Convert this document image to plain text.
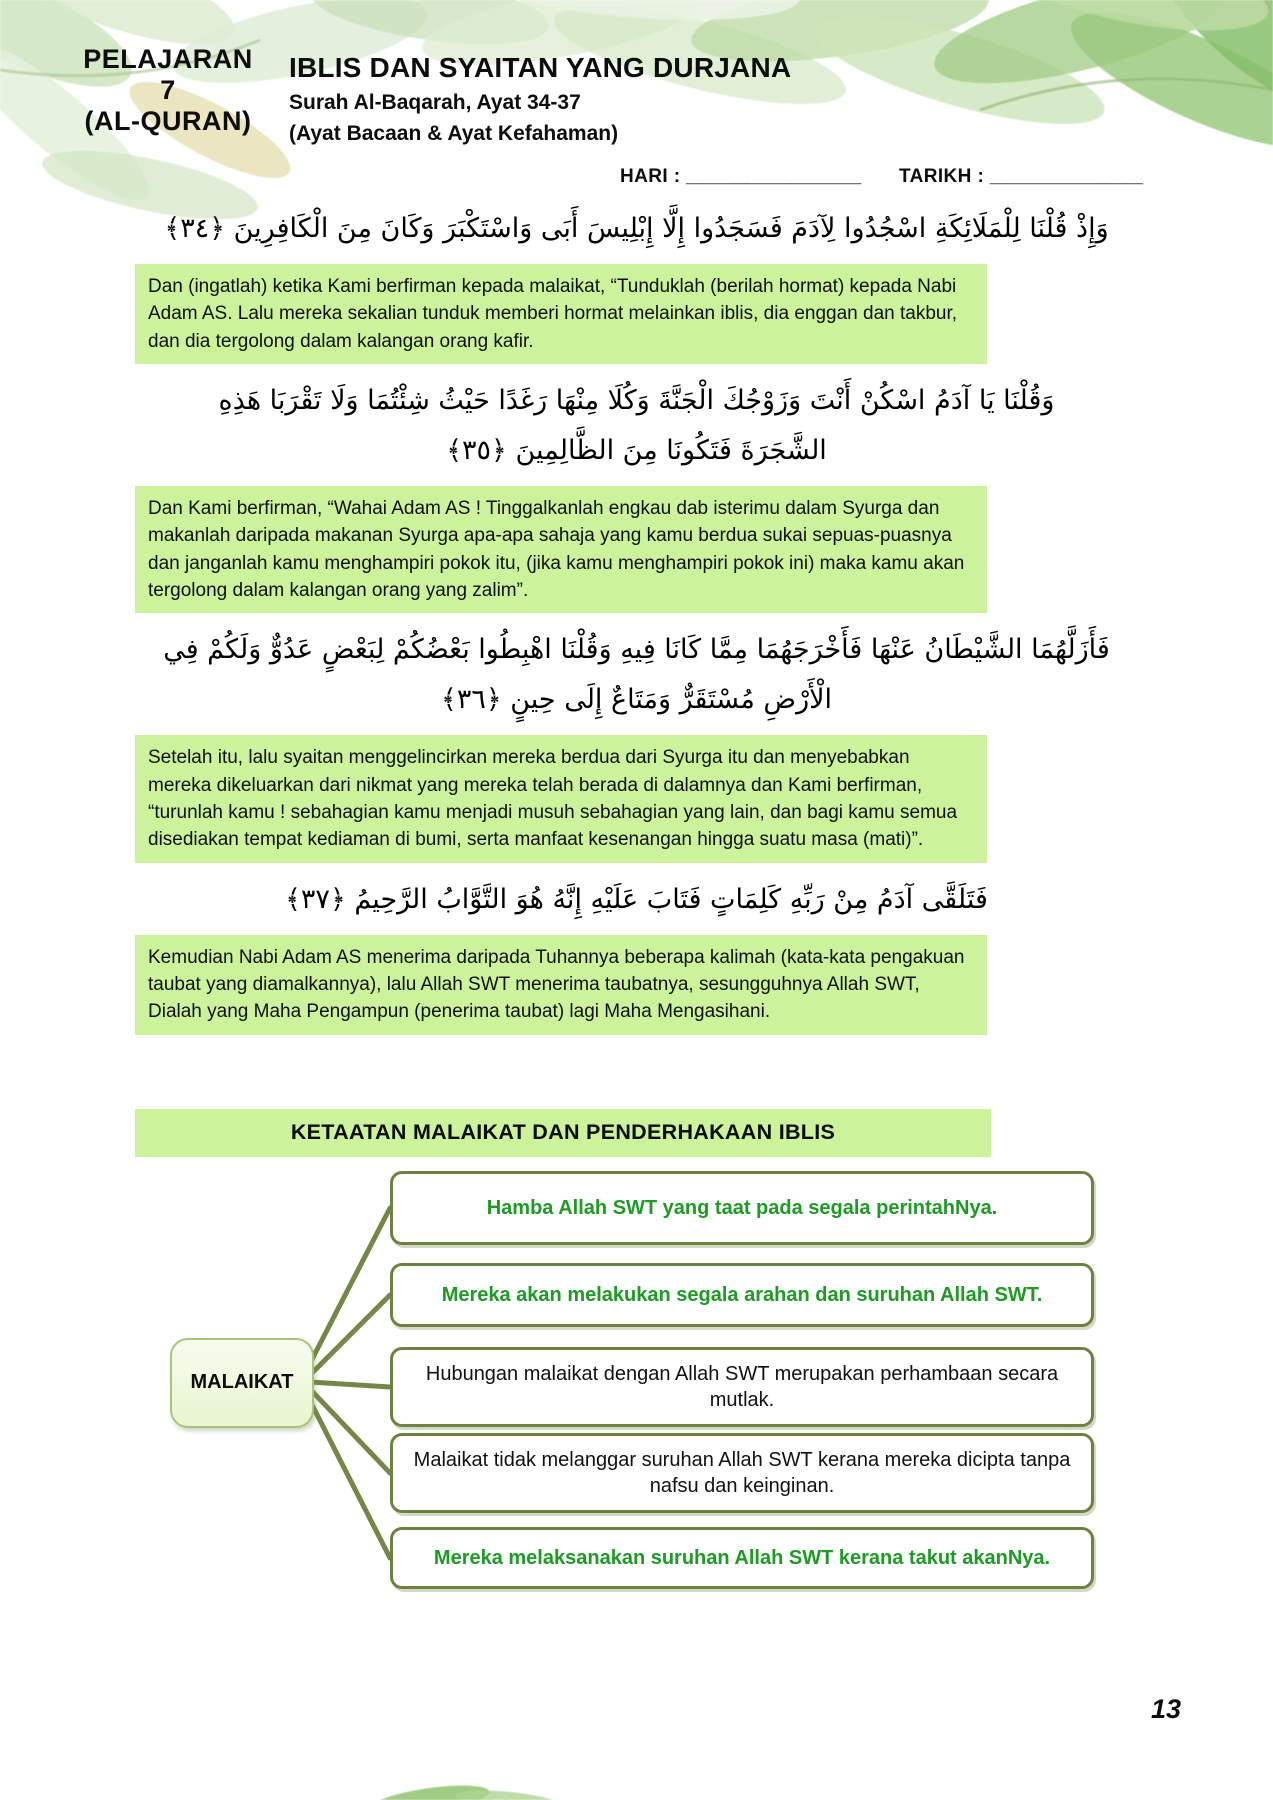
PELAJARAN
7
(AL-QURAN)
IBLIS DAN SYAITAN YANG DURJANA
Surah Al-Baqarah, Ayat 34-37
(Ayat Bacaan & Ayat Kefahaman)
HARI : ________________ TARIKH : ______________
وَإِذْ قُلْنَا لِلْمَلَائِكَةِ اسْجُدُوا لِآدَمَ فَسَجَدُوا إِلَّا إِبْلِيسَ أَبَى وَاسْتَكْبَرَ وَكَانَ مِنَ الْكَافِرِينَ ﴿٣٤﴾
Dan (ingatlah) ketika Kami berfirman kepada malaikat, “Tunduklah (berilah hormat) kepada Nabi Adam AS. Lalu mereka sekalian tunduk memberi hormat melainkan iblis, dia enggan dan takbur, dan dia tergolong dalam kalangan orang kafir.
وَقُلْنَا يَا آدَمُ اسْكُنْ أَنْتَ وَزَوْجُكَ الْجَنَّةَ وَكُلَا مِنْهَا رَغَدًا حَيْثُ شِئْتُمَا وَلَا تَقْرَبَا هَذِهِ
الشَّجَرَةَ فَتَكُونَا مِنَ الظَّالِمِينَ ﴿٣٥﴾
Dan Kami berfirman, “Wahai Adam AS ! Tinggalkanlah engkau dab isterimu dalam Syurga dan makanlah daripada makanan Syurga apa-apa sahaja yang kamu berdua sukai sepuas-puasnya dan janganlah kamu menghampiri pokok itu, (jika kamu menghampiri pokok ini) maka kamu akan tergolong dalam kalangan orang yang zalim”.
فَأَزَلَّهُمَا الشَّيْطَانُ عَنْهَا فَأَخْرَجَهُمَا مِمَّا كَانَا فِيهِ وَقُلْنَا اهْبِطُوا بَعْضُكُمْ لِبَعْضٍ عَدُوٌّ وَلَكُمْ فِي
الْأَرْضِ مُسْتَقَرٌّ وَمَتَاعٌ إِلَى حِينٍ ﴿٣٦﴾
Setelah itu, lalu syaitan menggelincirkan mereka berdua dari Syurga itu dan menyebabkan mereka dikeluarkan dari nikmat yang mereka telah berada di dalamnya dan Kami berfirman, “turunlah kamu ! sebahagian kamu menjadi musuh sebahagian yang lain, dan bagi kamu semua disediakan tempat kediaman di bumi, serta manfaat kesenangan hingga suatu masa (mati)”.
فَتَلَقَّى آدَمُ مِنْ رَبِّهِ كَلِمَاتٍ فَتَابَ عَلَيْهِ إِنَّهُ هُوَ التَّوَّابُ الرَّحِيمُ ﴿٣٧﴾
Kemudian Nabi Adam AS menerima daripada Tuhannya beberapa kalimah (kata-kata pengakuan taubat yang diamalkannya), lalu Allah SWT menerima taubatnya, sesungguhnya Allah SWT, Dialah yang Maha Pengampun (penerima taubat) lagi Maha Mengasihani.
KETAATAN MALAIKAT DAN PENDERHAKAAN IBLIS
MALAIKAT
Hamba Allah SWT yang taat pada segala perintahNya.
Mereka akan melakukan segala arahan dan suruhan Allah SWT.
Hubungan malaikat dengan Allah SWT merupakan perhambaan secara mutlak.
Malaikat tidak melanggar suruhan Allah SWT kerana mereka dicipta tanpa nafsu dan keinginan.
Mereka melaksanakan suruhan Allah SWT kerana takut akanNya.
13
